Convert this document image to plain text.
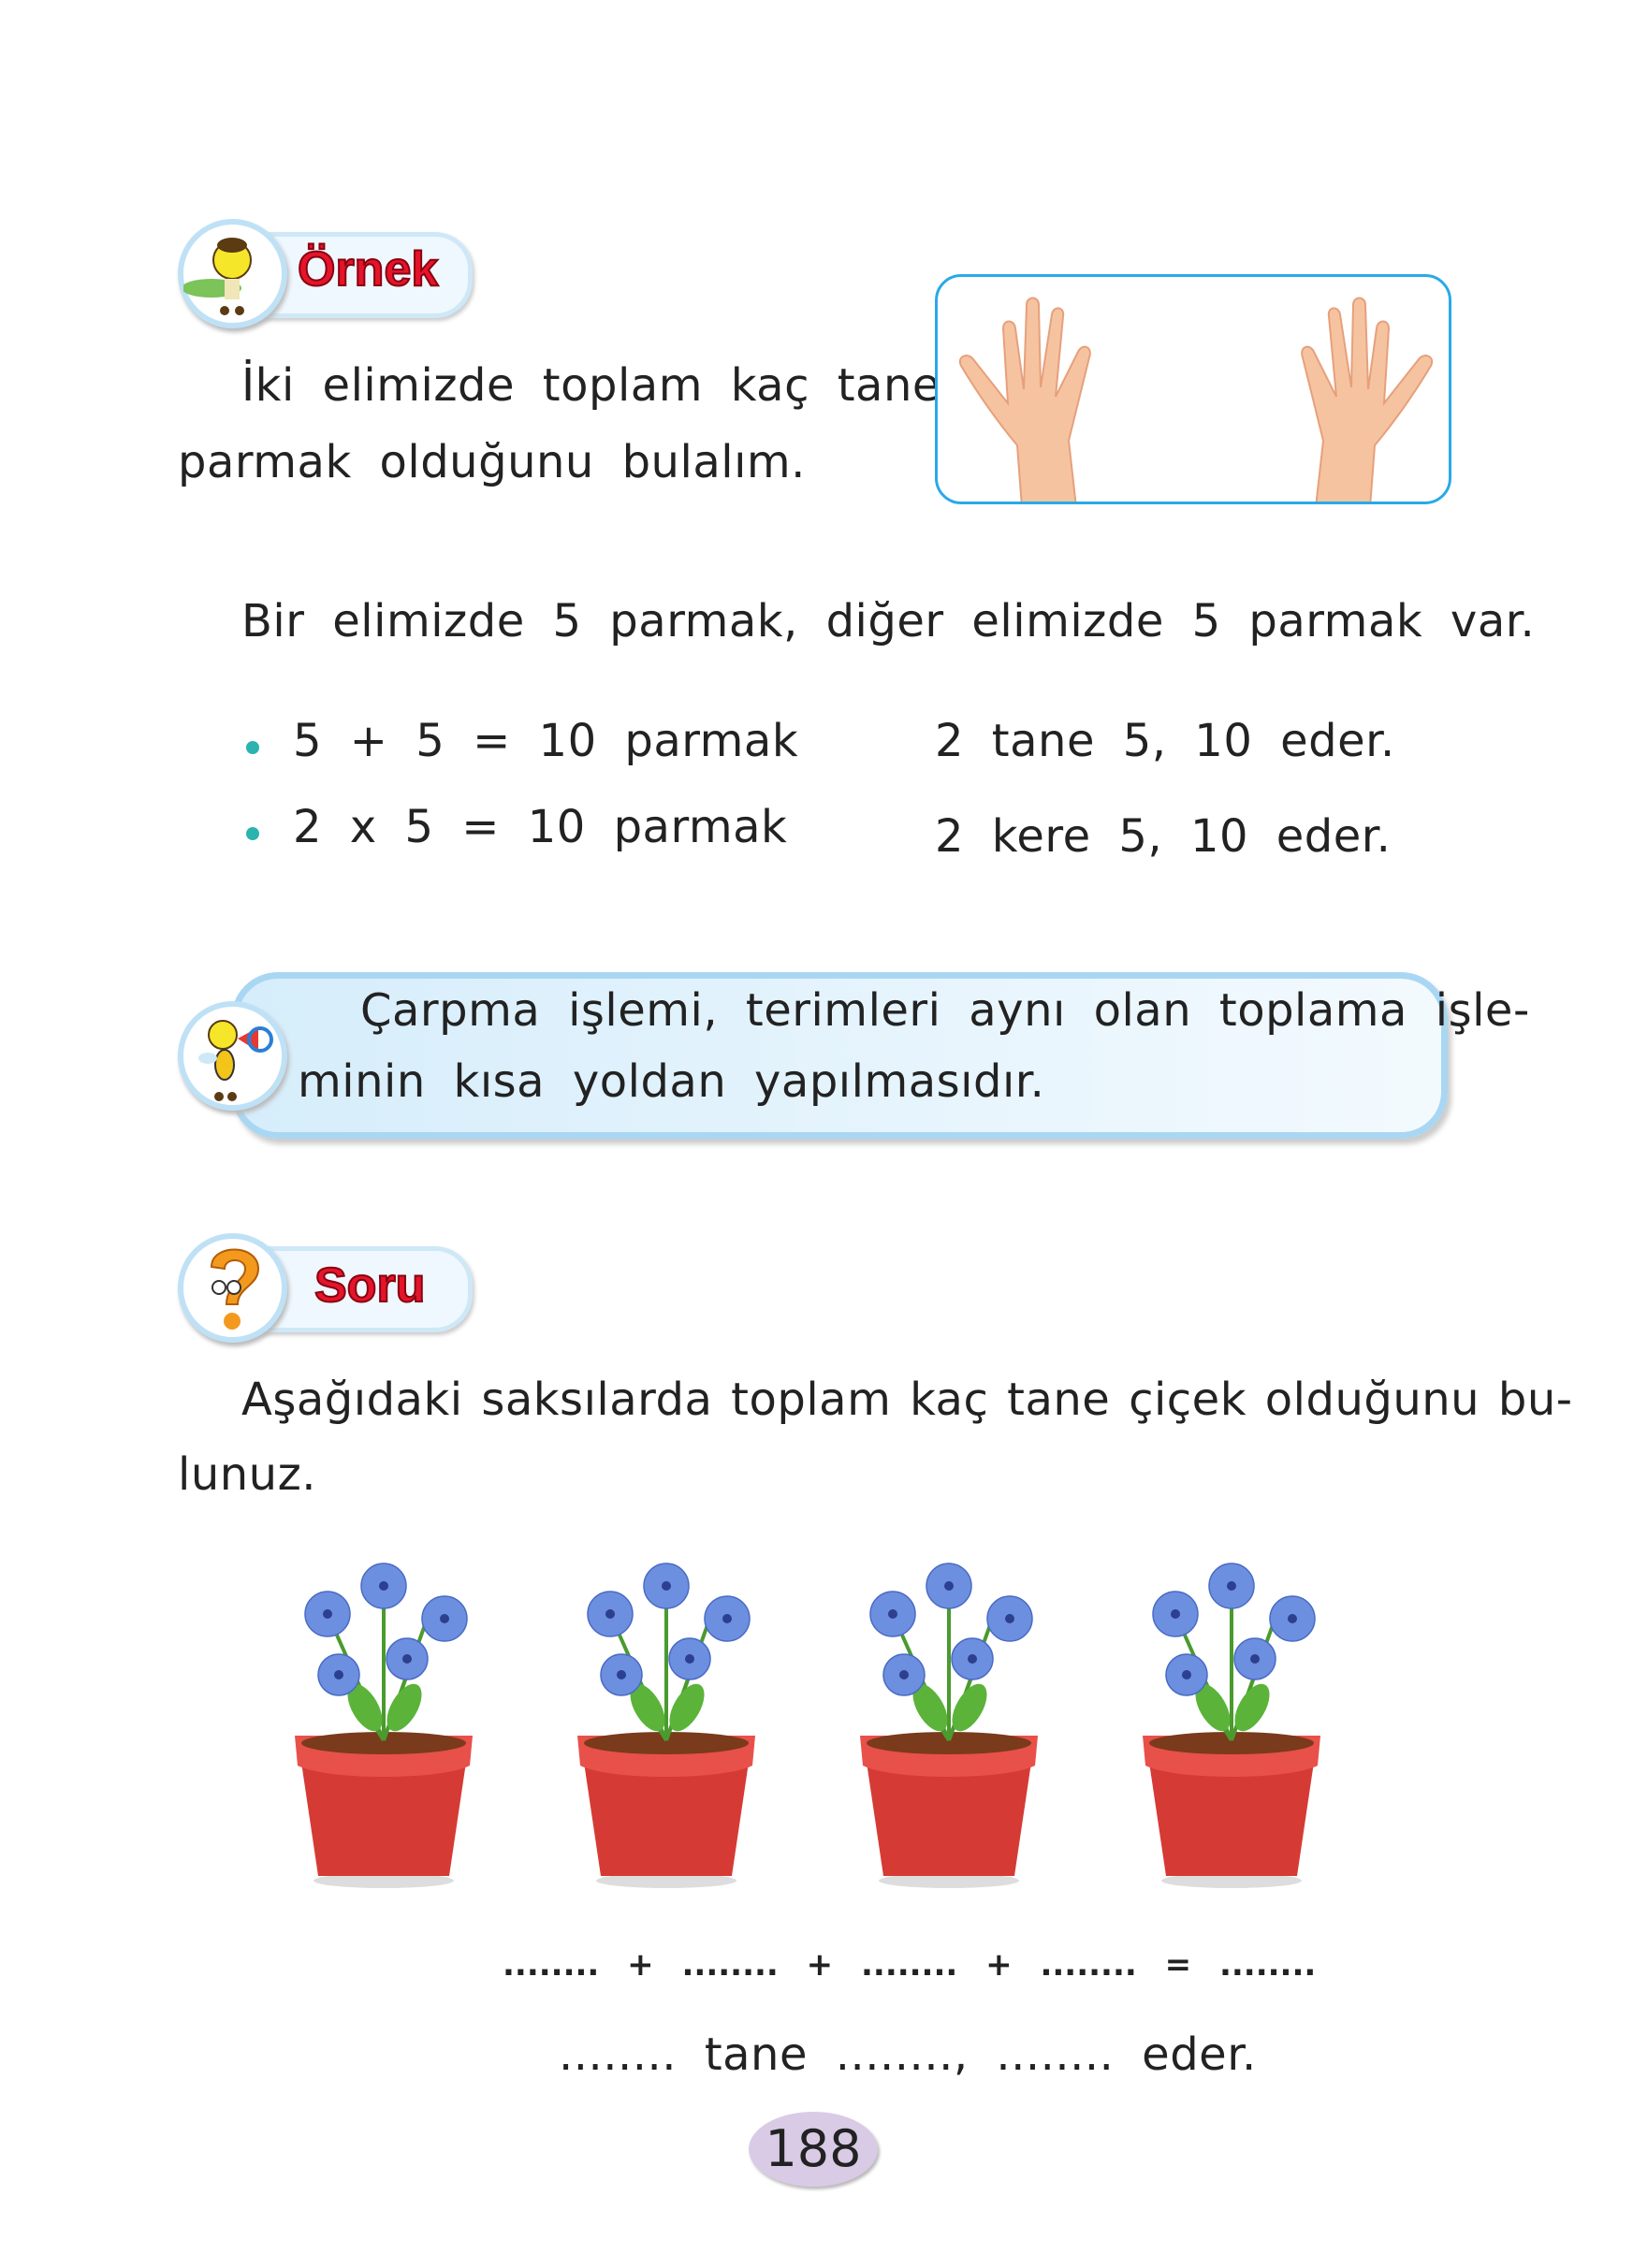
Örnek
İki elimizde toplam kaç tane
parmak olduğunu bulalım.
Bir elimizde 5 parmak, diğer elimizde 5 parmak var.
5 + 5 = 10 parmak	2 tane 5, 10 eder.
2 x 5 = 10 parmak	2 kere 5, 10 eder.
Çarpma işlemi, terimleri aynı olan toplama işle-
minin kısa yoldan yapılmasıdır.
Soru
Aşağıdaki saksılarda toplam kaç tane çiçek olduğunu bu-
lunuz.
........ + ........ + ........ + ........ = ........
........ tane ........, ........ eder.
188
